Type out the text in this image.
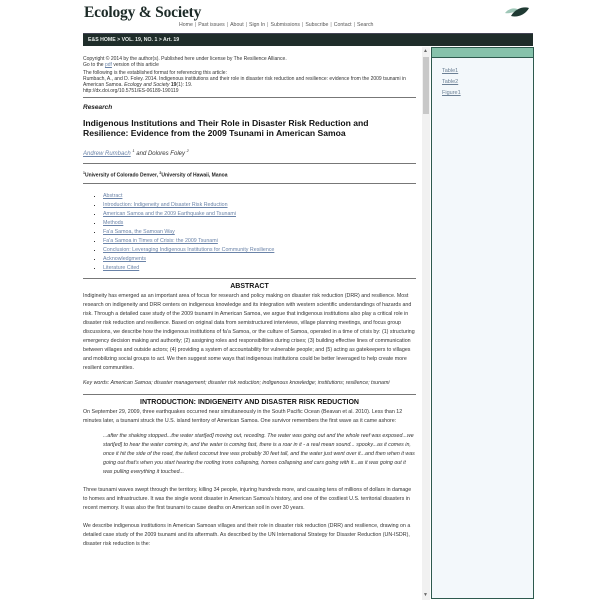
Ecology & Society
Home | Past issues | About | Sign In | Submissions | Subscribe | Contact | Search
E&S HOME > VOL. 19, NO. 1 > Art. 19
Copyright © 2014 by the author(s). Published here under license by The Resilience Alliance.
Go to the pdf version of this article
The following is the established format for referencing this article:
Rumbach, A., and D. Foley. 2014. Indigenous institutions and their role in disaster risk reduction and resilience: evidence from the 2009 tsunami in American Samoa. Ecology and Society 19(1): 19.
http://dx.doi.org/10.5751/ES-06189-190119
Research
Indigenous Institutions and Their Role in Disaster Risk Reduction and Resilience: Evidence from the 2009 Tsunami in American Samoa
Andrew Rumbach $^1$ and Dolores Foley $^2$
$^1$University of Colorado Denver, $^2$University of Hawaii, Manoa
▪ Abstract
▪ Introduction: Indigeneity and Disaster Risk Reduction
▪ American Samoa and the 2009 Earthquake and Tsunami
▪ Methods
▪ Fa'a Samoa, the Samoan Way
▪ Fa'a Samoa in Times of Crisis: the 2009 Tsunami
▪ Conclusion: Leveraging Indigenous Institutions for Community Resilience
▪ Acknowledgments
▪ Literature Cited
ABSTRACT
Indigineity has emerged as an important area of focus for research and policy making on disaster risk reduction (DRR) and resilience. Most research on indigeneity and DRR centers on indigenous knowledge and its integration with western scientific understandings of hazards and risk. Through a detailed case study of the 2009 tsunami in American Samoa, we argue that indigenous institutions also play a critical role in disaster risk reduction and resilience. Based on original data from semistructured interviews, village planning meetings, and focus group discussions, we describe how the indigenous institutions of fa'a Samoa, or the culture of Samoa, operated in a time of crisis by: (1) structuring emergency decision making and authority; (2) assigning roles and responsibilities during crises; (3) building effective lines of communication between villages and outside actors; (4) providing a system of accountability for vulnerable people; and (5) acting as gatekeepers to villages and mobilizing social groups to act. We then suggest some ways that indigenous institutions could be better leveraged to help create more resilient communities.
Key words: American Samoa; disaster management; disaster risk reduction; indigenous knowledge; institutions; resilience; tsunami
INTRODUCTION: INDIGENEITY AND DISASTER RISK REDUCTION
On September 29, 2009, three earthquakes occurred near simultaneously in the South Pacific Ocean (Beavan et al. 2010). Less than 12 minutes later, a tsunami struck the U.S. island territory of American Samoa. One survivor remembers the first wave as it came ashore:
...after the shaking stopped...the water start[ed] moving out, receding. The water was going out and the whole reef was exposed...we start[ed] to hear the water coming in, and the water is coming fast, there is a roar in it - a real mean sound... spooky...as it comes in, once it hit the side of the road, the tallest coconut tree was probably 30 feet tall, and the water just went over it...and then when it was going out that's when you start hearing the roofing irons collapsing, homes collapsing and cars going with it...as it was going out it was pulling everything it touched...
Three tsunami waves swept through the territory, killing 34 people, injuring hundreds more, and causing tens of millions of dollars in damage to homes and infrastructure. It was the single worst disaster in American Samoa's history, and one of the costliest U.S. territorial disasters in recent memory. It was also the first tsunami to cause deaths on American soil in over 30 years.
We describe indigenous institutions in American Samoan villages and their role in disaster risk reduction (DRR) and resilience, drawing on a detailed case study of the 2009 tsunami and its aftermath. As described by the UN International Strategy for Disaster Reduction (UN-ISDR), disaster risk reduction is the:
▲
▼
Table1
Table2
Figure1
